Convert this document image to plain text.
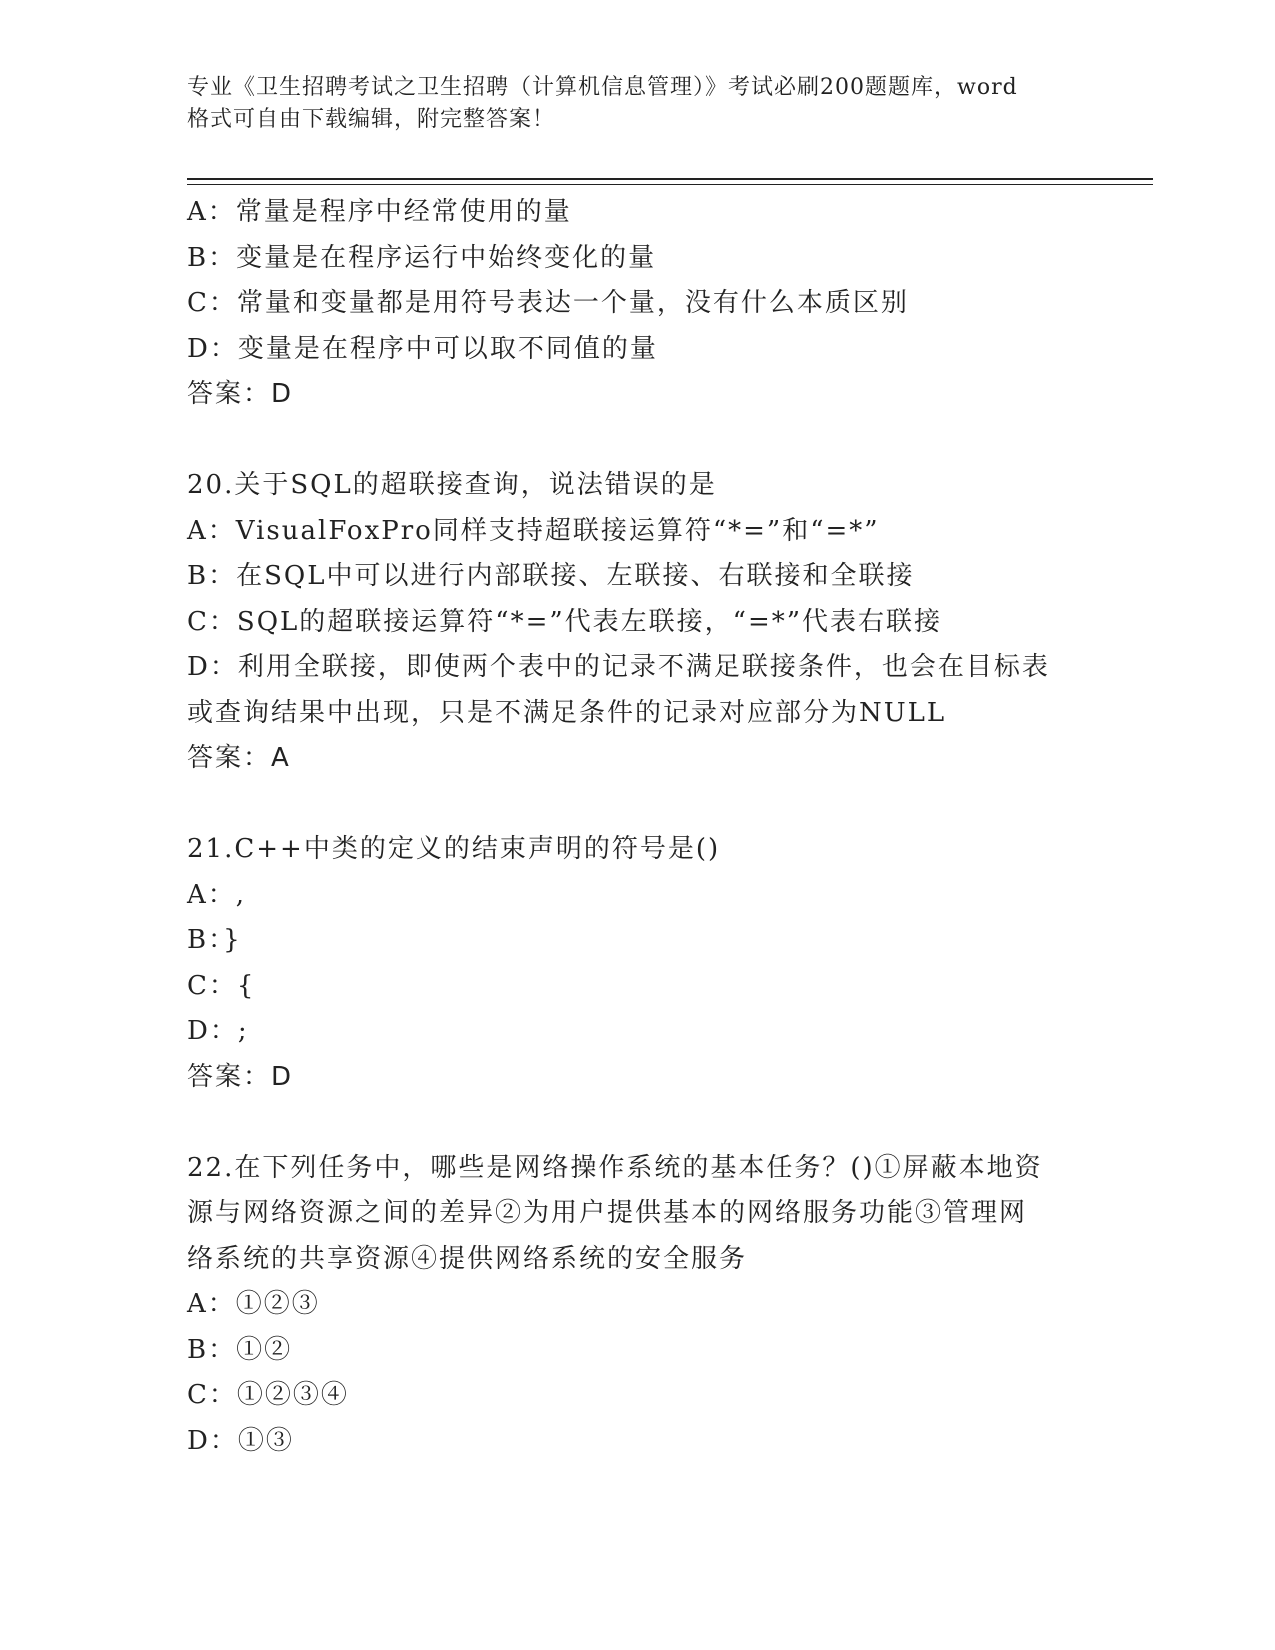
专业《卫生招聘考试之卫生招聘（计算机信息管理）》考试必刷200题题库，word
格式可自由下载编辑，附完整答案！
A：常量是程序中经常使用的量
B：变量是在程序运行中始终变化的量
C：常量和变量都是用符号表达一个量，没有什么本质区别
D：变量是在程序中可以取不同值的量
答案：D
20.关于SQL的超联接查询，说法错误的是
A：VisualFoxPro同样支持超联接运算符“*=”和“=*”
B：在SQL中可以进行内部联接、左联接、右联接和全联接
C：SQL的超联接运算符“*=”代表左联接，“=*”代表右联接
D：利用全联接，即使两个表中的记录不满足联接条件，也会在目标表
或查询结果中出现，只是不满足条件的记录对应部分为NULL
答案：A
21.C++中类的定义的结束声明的符号是()
A：,
B：}
C：{
D：;
答案：D
22.在下列任务中，哪些是网络操作系统的基本任务？()①屏蔽本地资
源与网络资源之间的差异②为用户提供基本的网络服务功能③管理网
络系统的共享资源④提供网络系统的安全服务
A：①②③
B：①②
C：①②③④
D：①③
